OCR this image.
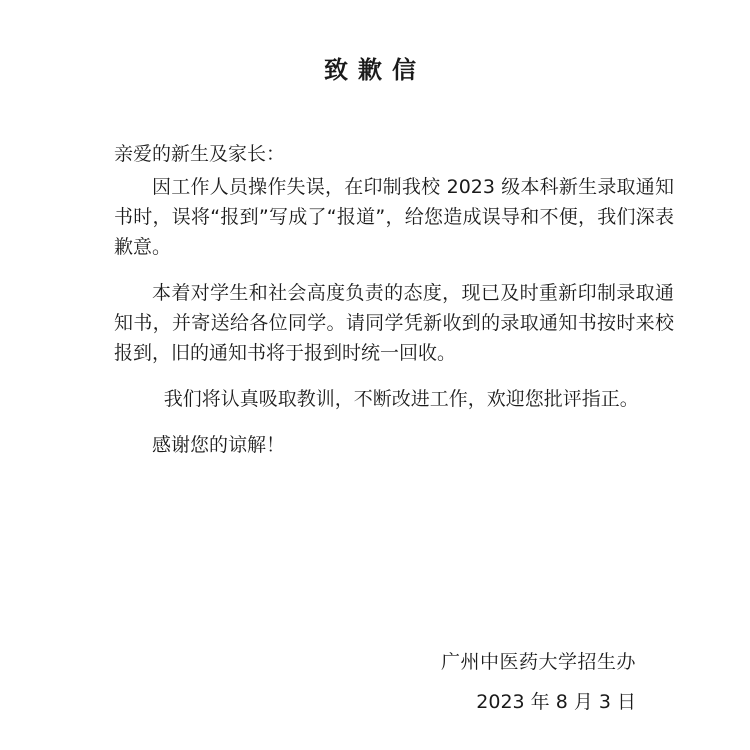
致歉信
亲爱的新生及家长：

因工作人员操作失误，在印制我校 2023 级本科新生录取通知书时，误将“报到”写成了“报道”，给您造成误导和不便，我们深表歉意。

本着对学生和社会高度负责的态度，现已及时重新印制录取通知书，并寄送给各位同学。请同学凭新收到的录取通知书按时来校报到，旧的通知书将于报到时统一回收。

我们将认真吸取教训，不断改进工作，欢迎您批评指正。

感谢您的谅解！

广州中医药大学招生办
2023 年 8 月 3 日
